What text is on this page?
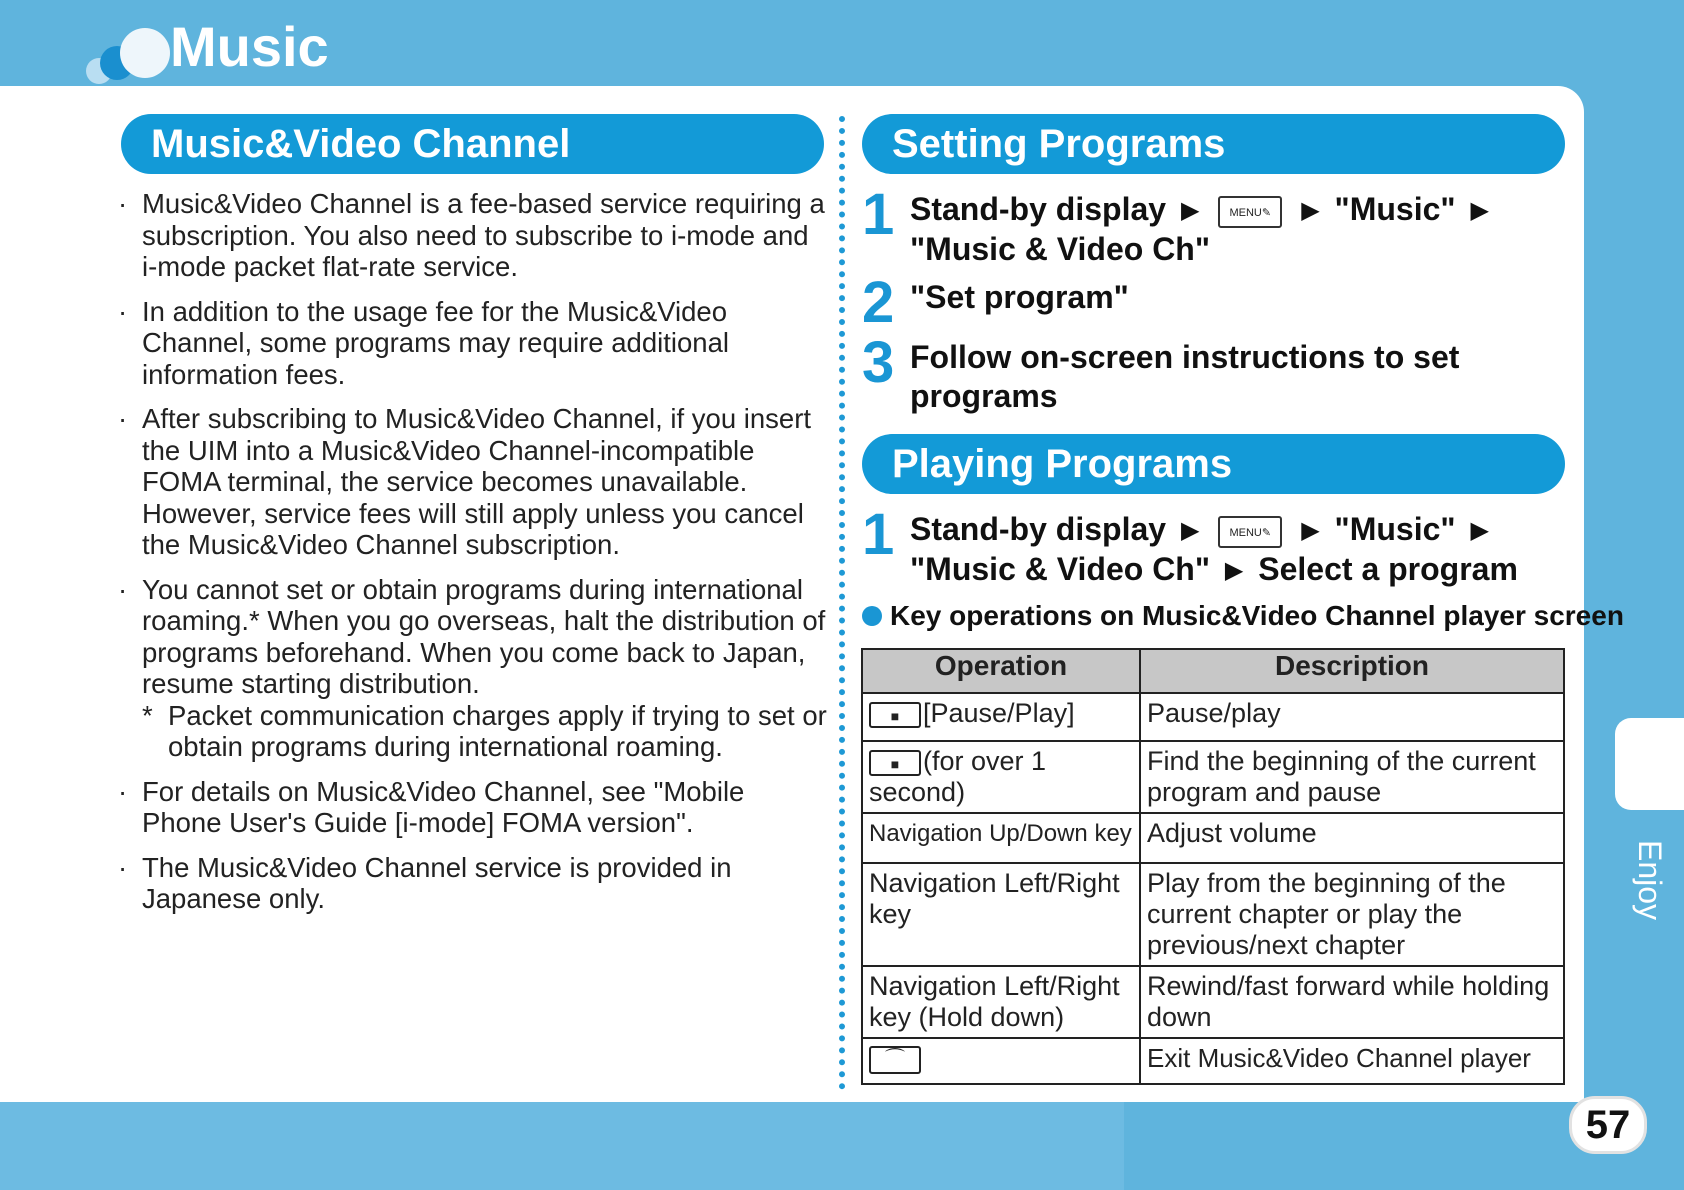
Music
Enjoy
57
Music&Video Channel
· Music&Video Channel is a fee-based service requiring a subscription. You also need to subscribe to i-mode and i-mode packet flat-rate service.
· In addition to the usage fee for the Music&Video Channel, some programs may require additional information fees.
· After subscribing to Music&Video Channel, if you insert the UIM into a Music&Video Channel-incompatible FOMA terminal, the service becomes unavailable. However, service fees will still apply unless you cancel the Music&Video Channel subscription.
· You cannot set or obtain programs during international roaming.* When you go overseas, halt the distribution of programs beforehand. When you come back to Japan, resume starting distribution.
* Packet communication charges apply if trying to set or obtain programs during international roaming.
· For details on Music&Video Channel, see "Mobile Phone User's Guide [i-mode] FOMA version".
· The Music&Video Channel service is provided in Japanese only.
Setting Programs
1 Stand-by display ▶	MENU✎ ▶ "Music" ▶
"Music & Video Ch"
2 "Set program"
3 Follow on-screen instructions to set programs
Playing Programs
1 Stand-by display ▶	MENU✎ ▶ "Music" ▶
"Music & Video Ch" ▶ Select a program
Key operations on Music&Video Channel player screen
Operation	Description
■ [Pause/Play]	Pause/play
■ (for over 1 second)	Find the beginning of the current program and pause
Navigation Up/Down key	Adjust volume
Navigation Left/Right key	Play from the beginning of the current chapter or play the previous/next chapter
Navigation Left/Right key (Hold down)	Rewind/fast forward while holding down
⌒	Exit Music&Video Channel player
